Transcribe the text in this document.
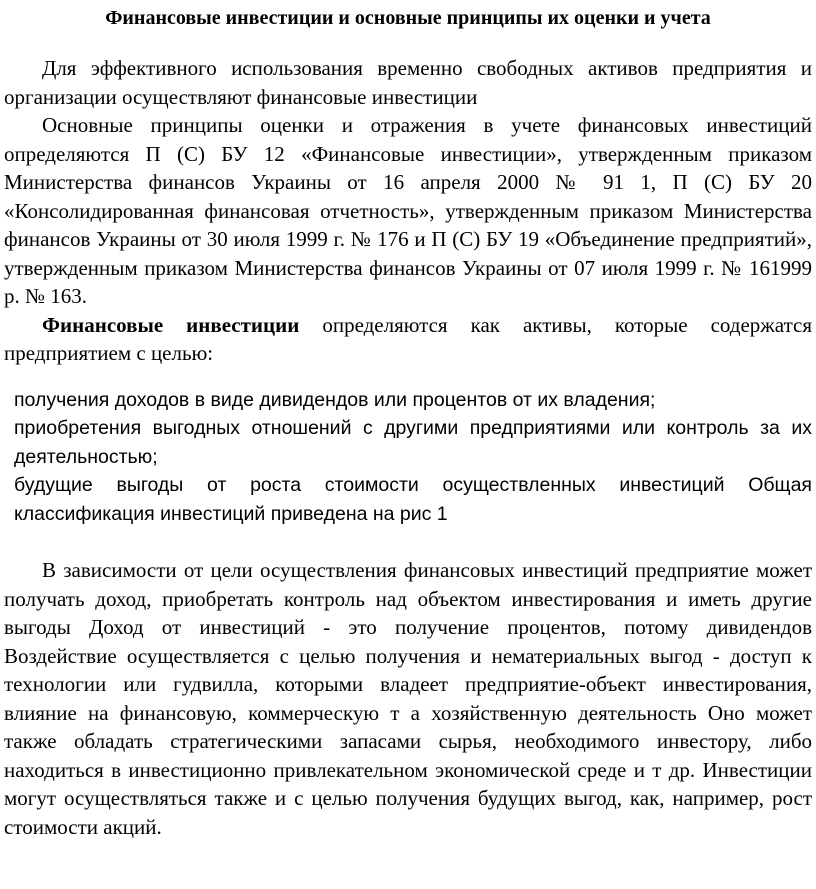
Финансовые инвестиции и основные принципы их оценки и учета

Для эффективного использования временно свободных активов предприятия и организации осуществляют финансовые инвестиции

Основные принципы оценки и отражения в учете финансовых инвестиций определяются П (С) БУ 12 «Финансовые инвестиции», утвержденным приказом Министерства финансов Украины от 16 апреля 2000 № 91 1, П (С) БУ 20 «Консолидированная финансовая отчетность», утвержденным приказом Министерства финансов Украины от 30 июля 1999 г. № 176 и П (С) БУ 19 «Объединение предприятий», утвержденным приказом Министерства финансов Украины от 07 июля 1999 г. № 161999 р. № 163.

Финансовые инвестиции определяются как активы, которые содержатся предприятием с целью:

получения доходов в виде дивидендов или процентов от их владения;
приобретения выгодных отношений с другими предприятиями или контроль за их деятельностью;
будущие выгоды от роста стоимости осуществленных инвестиций Общая классификация инвестиций приведена на рис 1

В зависимости от цели осуществления финансовых инвестиций предприятие может получать доход, приобретать контроль над объектом инвестирования и иметь другие выгоды Доход от инвестиций - это получение процентов, потому дивидендов Воздействие осуществляется с целью получения и нематериальных выгод - доступ к технологии или гудвилла, которыми владеет предприятие-объект инвестирования, влияние на финансовую, коммерческую т а хозяйственную деятельность Оно может также обладать стратегическими запасами сырья, необходимого инвестору, либо находиться в инвестиционно привлекательном экономической среде и т др. Инвестиции могут осуществляться также и с целью получения будущих выгод, как, например, рост стоимости акций.
